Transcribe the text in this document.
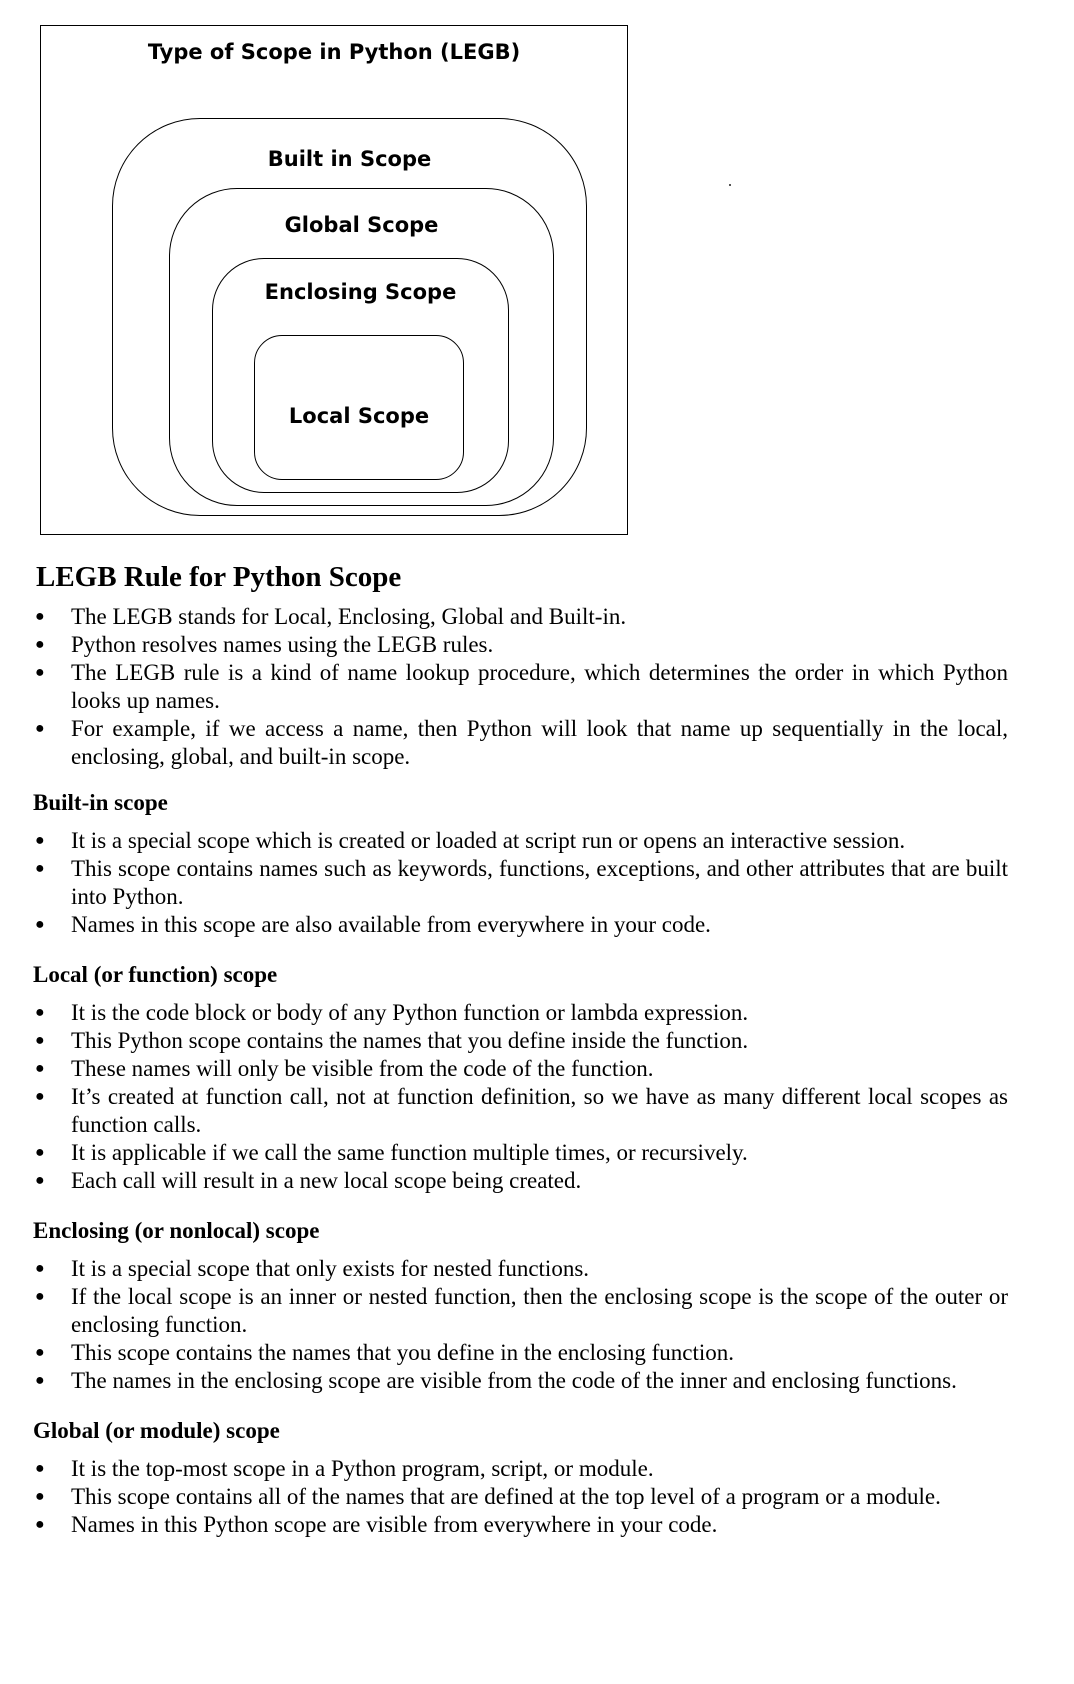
Type of Scope in Python (LEGB)
Built in Scope
Global Scope
Enclosing Scope
Local Scope
LEGB Rule for Python Scope
● The LEGB stands for Local, Enclosing, Global and Built-in.
● Python resolves names using the LEGB rules.
● The LEGB rule is a kind of name lookup procedure, which determines the order in which Python looks up names.
● For example, if we access a name, then Python will look that name up sequentially in the local, enclosing, global, and built-in scope.
Built-in scope
● It is a special scope which is created or loaded at script run or opens an interactive session.
● This scope contains names such as keywords, functions, exceptions, and other attributes that are built into Python.
● Names in this scope are also available from everywhere in your code.
Local (or function) scope
● It is the code block or body of any Python function or lambda expression.
● This Python scope contains the names that you define inside the function.
● These names will only be visible from the code of the function.
● It’s created at function call, not at function definition, so we have as many different local scopes as function calls.
● It is applicable if we call the same function multiple times, or recursively.
● Each call will result in a new local scope being created.
Enclosing (or nonlocal) scope
● It is a special scope that only exists for nested functions.
● If the local scope is an inner or nested function, then the enclosing scope is the scope of the outer or enclosing function.
● This scope contains the names that you define in the enclosing function.
● The names in the enclosing scope are visible from the code of the inner and enclosing functions.
Global (or module) scope
● It is the top-most scope in a Python program, script, or module.
● This scope contains all of the names that are defined at the top level of a program or a module.
● Names in this Python scope are visible from everywhere in your code.
